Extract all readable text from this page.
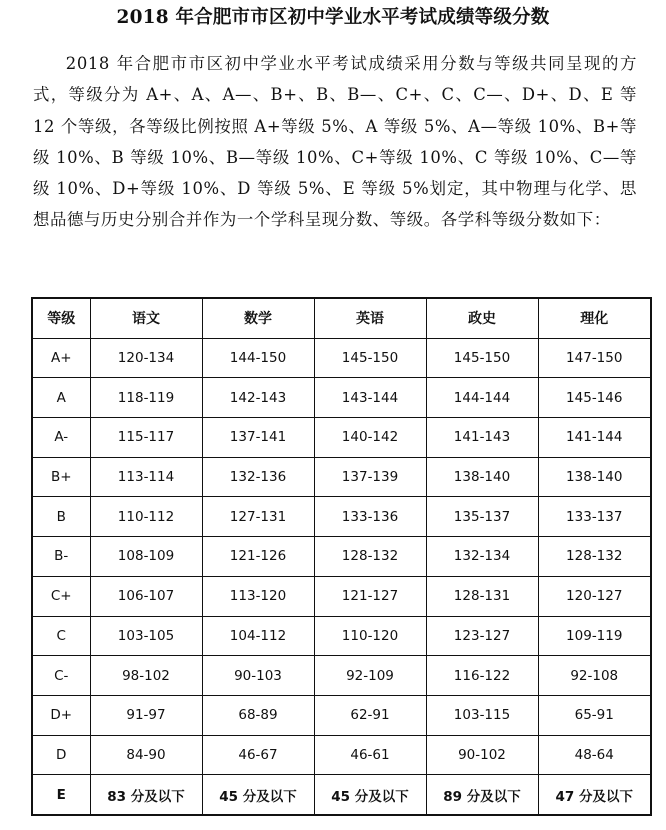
2018 年合肥市市区初中学业水平考试成绩等级分数

2018 年合肥市市区初中学业水平考试成绩采用分数与等级共同呈现的方式，等级分为 A+、A、A—、B+、B、B—、C+、C、C—、D+、D、E 等 12 个等级，各等级比例按照 A+等级 5%、A 等级 5%、A—等级 10%、B+等级 10%、B 等级 10%、B—等级 10%、C+等级 10%、C 等级 10%、C—等级 10%、D+等级 10%、D 等级 5%、E 等级 5%划定，其中物理与化学、思想品德与历史分别合并作为一个学科呈现分数、等级。各学科等级分数如下：

等级	语文	数学	英语	政史	理化
A+	120-134	144-150	145-150	145-150	147-150
A	118-119	142-143	143-144	144-144	145-146
A-	115-117	137-141	140-142	141-143	141-144
B+	113-114	132-136	137-139	138-140	138-140
B	110-112	127-131	133-136	135-137	133-137
B-	108-109	121-126	128-132	132-134	128-132
C+	106-107	113-120	121-127	128-131	120-127
C	103-105	104-112	110-120	123-127	109-119
C-	98-102	90-103	92-109	116-122	92-108
D+	91-97	68-89	62-91	103-115	65-91
D	84-90	46-67	46-61	90-102	48-64
E	83 分及以下	45 分及以下	45 分及以下	89 分及以下	47 分及以下
